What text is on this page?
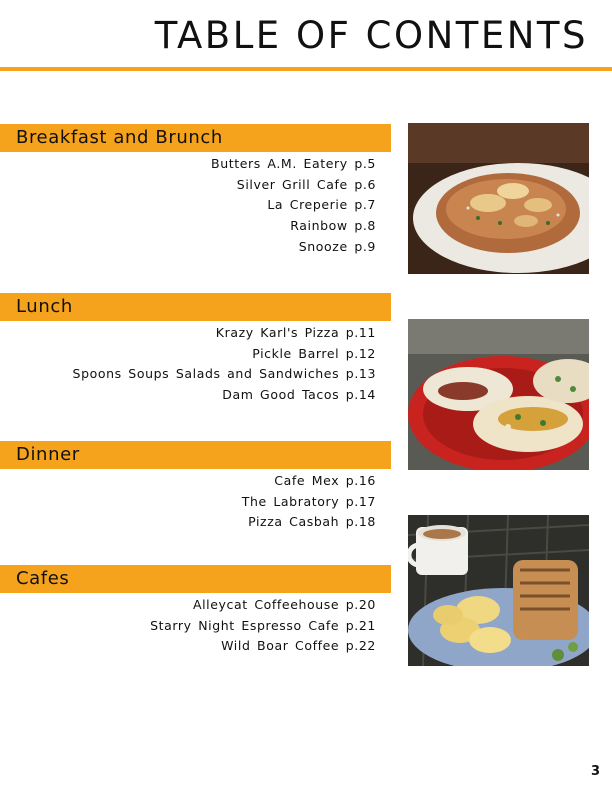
TABLE OF CONTENTS
Breakfast and Brunch
Butters A.M. Eatery p.5
Silver Grill Cafe p.6
La Creperie p.7
Rainbow p.8
Snooze p.9
Lunch
Krazy Karl's Pizza p.11
Pickle Barrel p.12
Spoons Soups Salads and Sandwiches p.13
Dam Good Tacos p.14
Dinner
Cafe Mex p.16
The Labratory p.17
Pizza Casbah p.18
Cafes
Alleycat Coffeehouse p.20
Starry Night Espresso Cafe p.21
Wild Boar Coffee p.22
3
